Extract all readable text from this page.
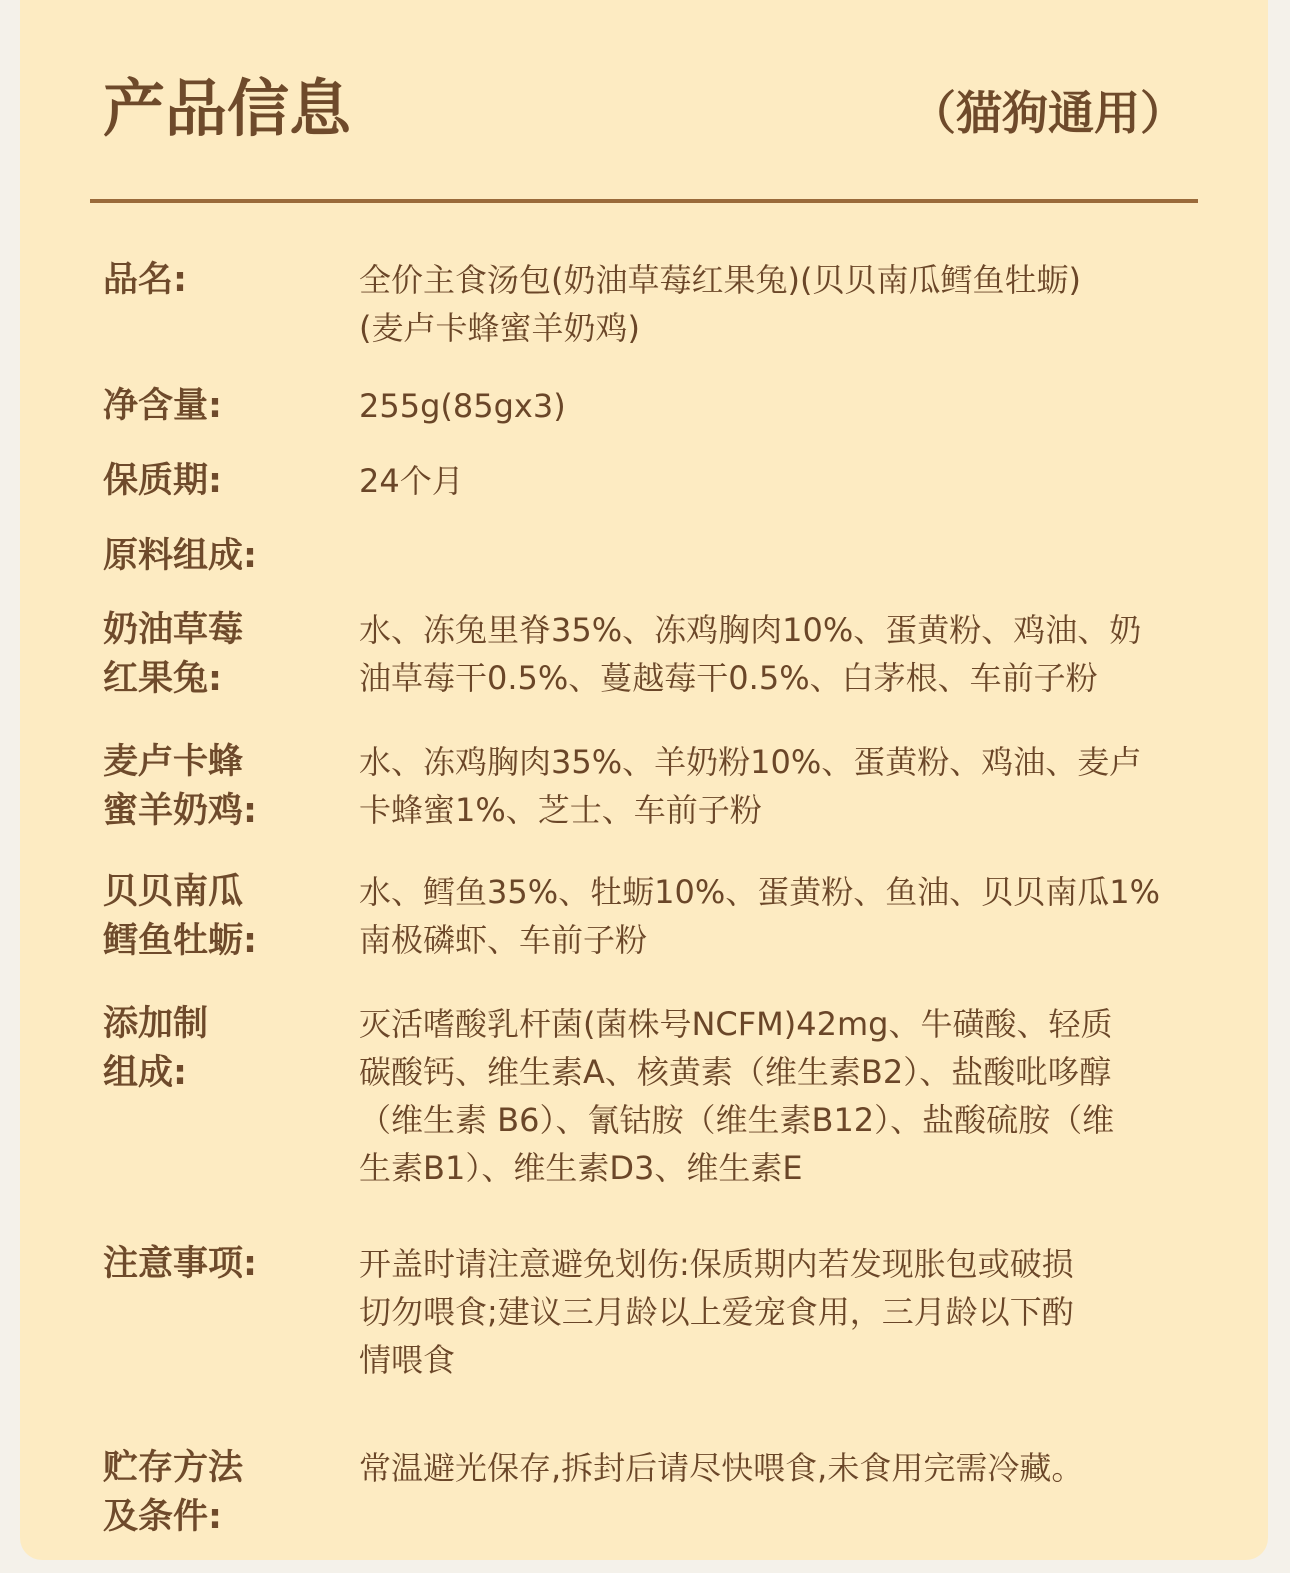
产品信息	（猫狗通用）
品名:	全价主食汤包(奶油草莓红果兔)(贝贝南瓜鳕鱼牡蛎)
(麦卢卡蜂蜜羊奶鸡)
净含量:	255g(85gx3)
保质期:	24个月
原料组成:
奶油草莓
红果兔:
水、冻兔里脊35%、冻鸡胸肉10%、蛋黄粉、鸡油、奶
油草莓干0.5%、蔓越莓干0.5%、白茅根、车前子粉
麦卢卡蜂
蜜羊奶鸡:
水、冻鸡胸肉35%、羊奶粉10%、蛋黄粉、鸡油、麦卢
卡蜂蜜1%、芝士、车前子粉
贝贝南瓜
鳕鱼牡蛎:
水、鳕鱼35%、牡蛎10%、蛋黄粉、鱼油、贝贝南瓜1%
南极磷虾、车前子粉
添加制
组成:
灭活嗜酸乳杆菌(菌株号NCFM)42mg、牛磺酸、轻质
碳酸钙、维生素A、核黄素（维生素B2）、盐酸吡哆醇
（维生素 B6）、氰钴胺（维生素B12）、盐酸硫胺（维
生素B1）、维生素D3、维生素E
注意事项:	开盖时请注意避免划伤:保质期内若发现胀包或破损
切勿喂食;建议三月龄以上爱宠食用，三月龄以下酌
情喂食
贮存方法
及条件:
常温避光保存,拆封后请尽快喂食,未食用完需冷藏。
